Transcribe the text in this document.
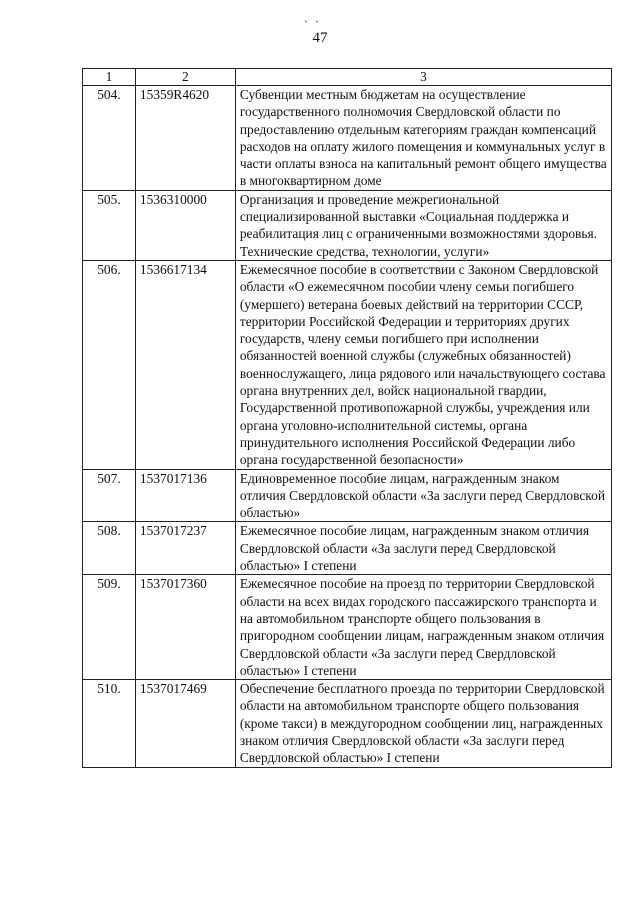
` `
47
1	2	3
504.	15359R4620	Субвенции местным бюджетам на осуществление государственного полномочия Свердловской области по предоставлению отдельным категориям граждан компенсаций расходов на оплату жилого помещения и коммунальных услуг в части оплаты взноса на капитальный ремонт общего имущества в многоквартирном доме
505.	1536310000	Организация и проведение межрегиональной специализированной выставки «Социальная поддержка и реабилитация лиц с ограниченными возможностями здоровья. Технические средства, технологии, услуги»
506.	1536617134	Ежемесячное пособие в соответствии с Законом Свердловской области «О ежемесячном пособии члену семьи погибшего (умершего) ветерана боевых действий на территории СССР, территории Российской Федерации и территориях других государств, члену семьи погибшего при исполнении обязанностей военной службы (служебных обязанностей) военнослужащего, лица рядового или начальствующего состава органа внутренних дел, войск национальной гвардии, Государственной противопожарной службы, учреждения или органа уголовно-исполнительной системы, органа принудительного исполнения Российской Федерации либо органа государственной безопасности»
507.	1537017136	Единовременное пособие лицам, награжденным знаком отличия Свердловской области «За заслуги перед Свердловской областью»
508.	1537017237	Ежемесячное пособие лицам, награжденным знаком отличия Свердловской области «За заслуги перед Свердловской областью» I степени
509.	1537017360	Ежемесячное пособие на проезд по территории Свердловской области на всех видах городского пассажирского транспорта и на автомобильном транспорте общего пользования в пригородном сообщении лицам, награжденным знаком отличия Свердловской области «За заслуги перед Свердловской областью» I степени
510.	1537017469	Обеспечение бесплатного проезда по территории Свердловской области на автомобильном транспорте общего пользования (кроме такси) в междугородном сообщении лиц, награжденных знаком отличия Свердловской области «За заслуги перед Свердловской областью» I степени
